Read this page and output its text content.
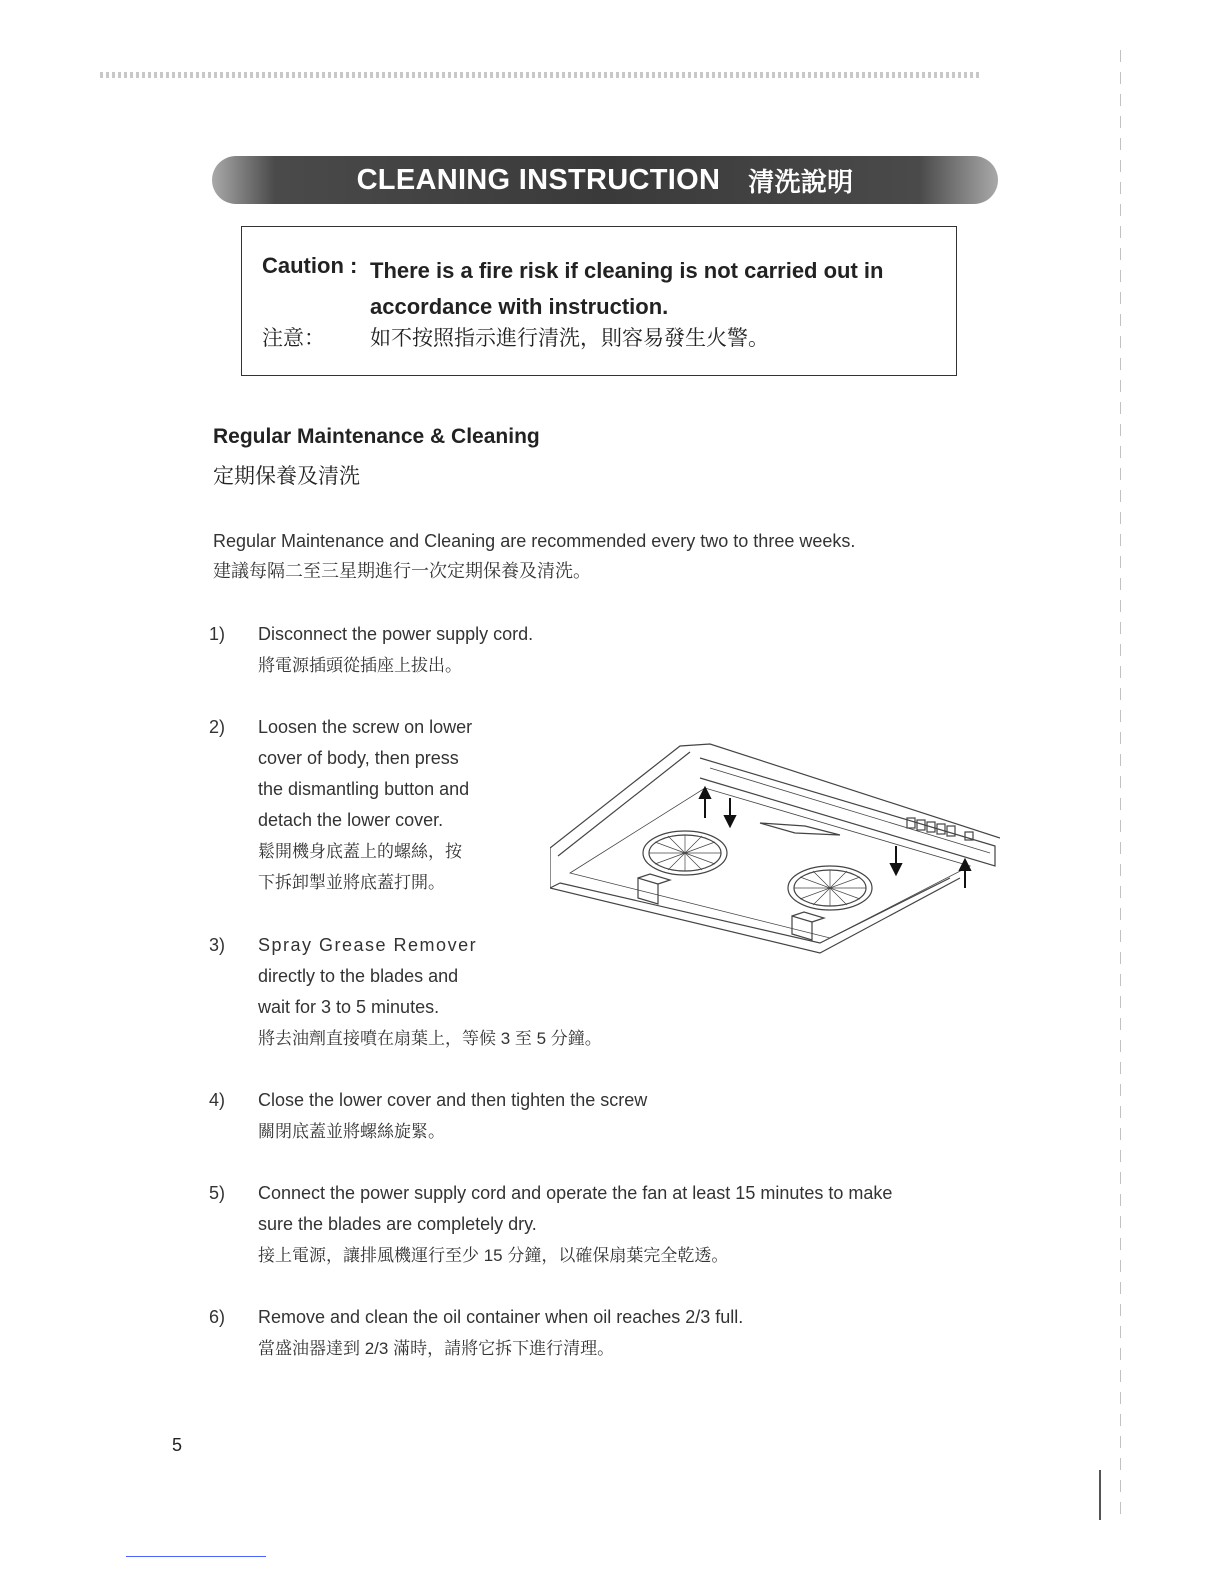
CLEANING INSTRUCTION 清洗說明
Caution : There is a fire risk if cleaning is not carried out in
accordance with instruction.
注意： 如不按照指示進行清洗，則容易發生火警。
Regular Maintenance & Cleaning
定期保養及清洗
Regular Maintenance and Cleaning are recommended every two to three weeks.
建議每隔二至三星期進行一次定期保養及清洗。
1) Disconnect the power supply cord.
將電源插頭從插座上拔出。
2) Loosen the screw on lower
cover of body, then press
the dismantling button and
detach the lower cover.
鬆開機身底蓋上的螺絲，按
下拆卸掣並將底蓋打開。
3) Spray Grease Remover
directly to the blades and
wait for 3 to 5 minutes.
將去油劑直接噴在扇葉上，等候 3 至 5 分鐘。
4) Close the lower cover and then tighten the screw
關閉底蓋並將螺絲旋緊。
5) Connect the power supply cord and operate the fan at least 15 minutes to make
sure the blades are completely dry.
接上電源，讓排風機運行至少 15 分鐘，以確保扇葉完全乾透。
6) Remove and clean the oil container when oil reaches 2/3 full.
當盛油器達到 2/3 滿時，請將它拆下進行清理。
5
